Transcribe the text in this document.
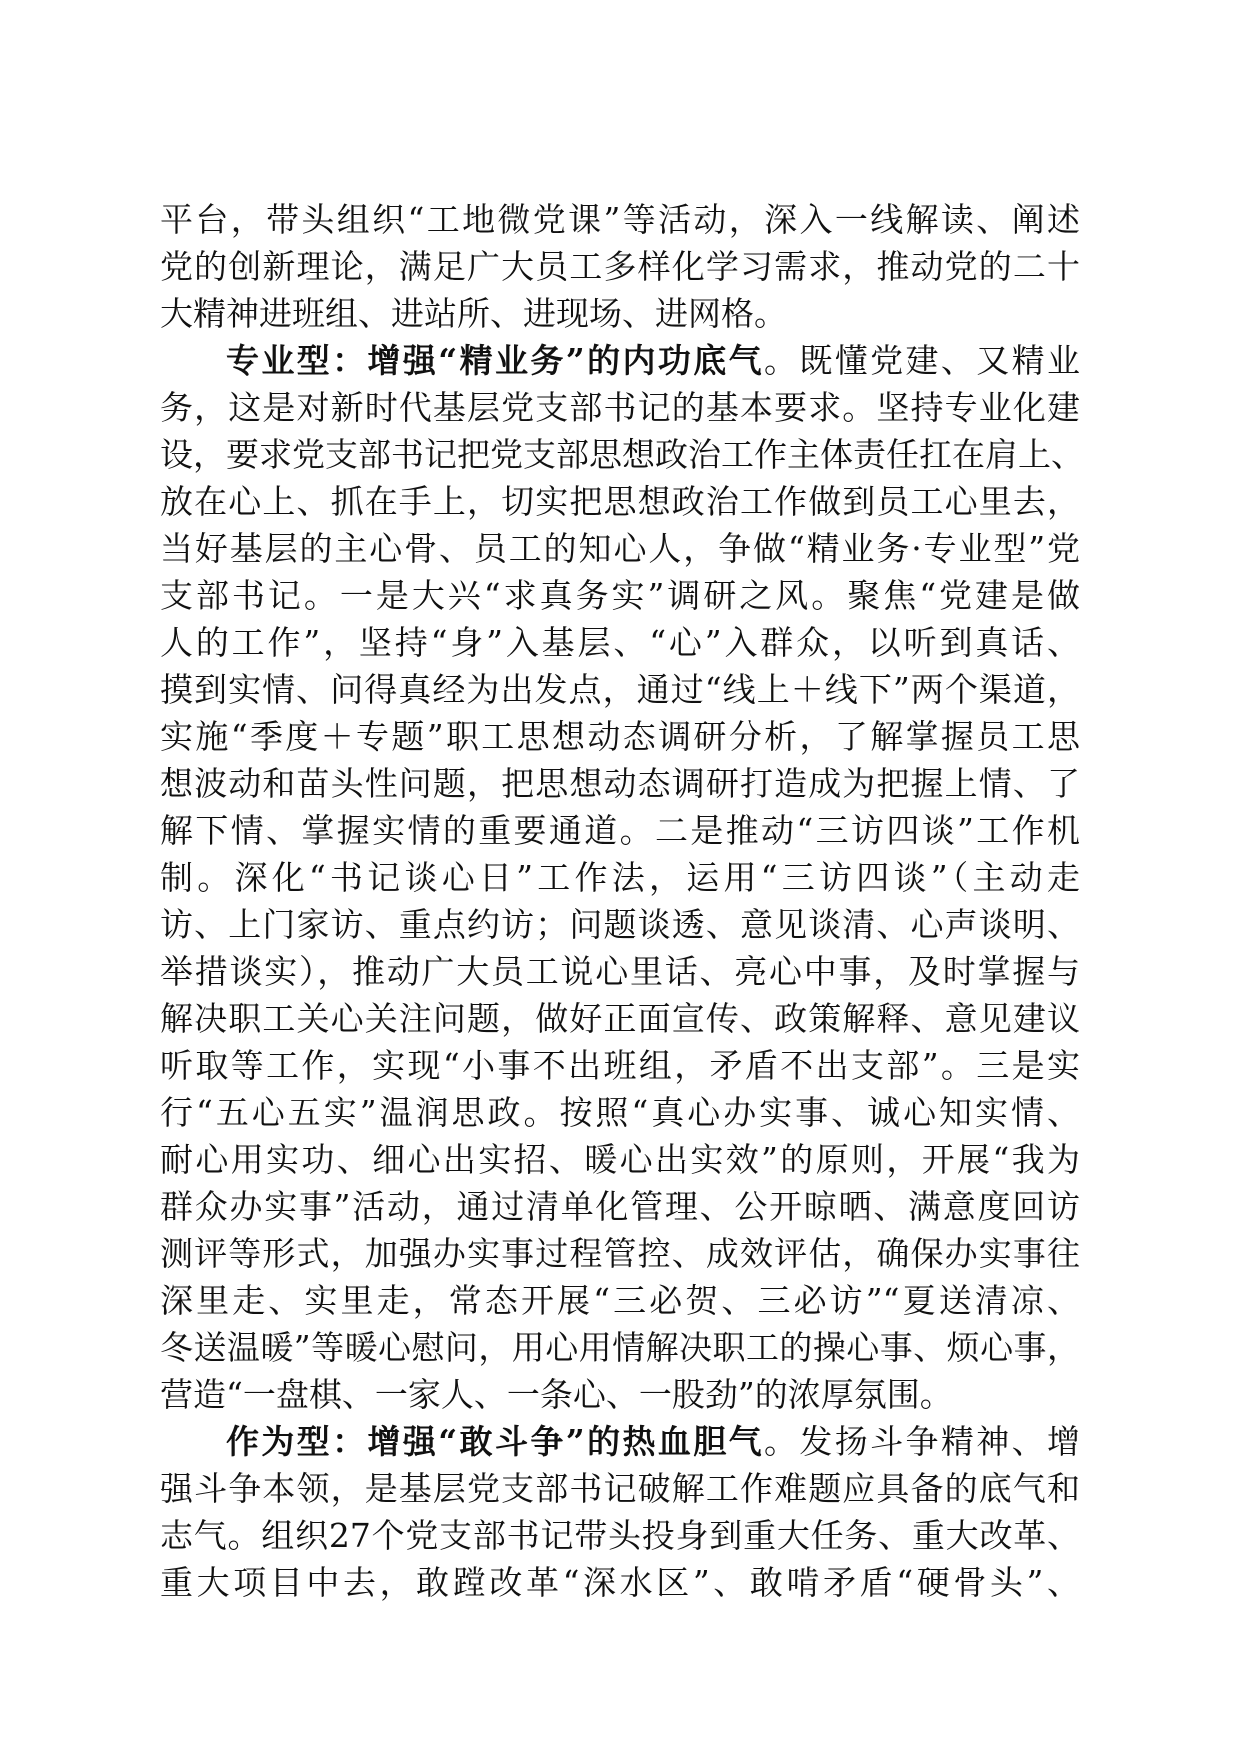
平台，带头组织“工地微党课”等活动，深入一线解读、阐述
党的创新理论，满足广大员工多样化学习需求，推动党的二十
大精神进班组、进站所、进现场、进网格。
专业型：增强“精业务”的内功底气。既懂党建、又精业
务，这是对新时代基层党支部书记的基本要求。坚持专业化建
设，要求党支部书记把党支部思想政治工作主体责任扛在肩上、
放在心上、抓在手上，切实把思想政治工作做到员工心里去，
当好基层的主心骨、员工的知心人，争做“精业务·专业型”党
支部书记。一是大兴“求真务实”调研之风。聚焦“党建是做
人的工作”，坚持“身”入基层、“心”入群众，以听到真话、
摸到实情、问得真经为出发点，通过“线上＋线下”两个渠道，
实施“季度＋专题”职工思想动态调研分析，了解掌握员工思
想波动和苗头性问题，把思想动态调研打造成为把握上情、了
解下情、掌握实情的重要通道。二是推动“三访四谈”工作机
制。深化“书记谈心日”工作法，运用“三访四谈”（主动走
访、上门家访、重点约访；问题谈透、意见谈清、心声谈明、
举措谈实），推动广大员工说心里话、亮心中事，及时掌握与
解决职工关心关注问题，做好正面宣传、政策解释、意见建议
听取等工作，实现“小事不出班组，矛盾不出支部”。三是实
行“五心五实”温润思政。按照“真心办实事、诚心知实情、
耐心用实功、细心出实招、暖心出实效”的原则，开展“我为
群众办实事”活动，通过清单化管理、公开晾晒、满意度回访
测评等形式，加强办实事过程管控、成效评估，确保办实事往
深里走、实里走，常态开展“三必贺、三必访”“夏送清凉、
冬送温暖”等暖心慰问，用心用情解决职工的操心事、烦心事，
营造“一盘棋、一家人、一条心、一股劲”的浓厚氛围。
作为型：增强“敢斗争”的热血胆气。发扬斗争精神、增
强斗争本领，是基层党支部书记破解工作难题应具备的底气和
志气。组织27个党支部书记带头投身到重大任务、重大改革、
重大项目中去，敢蹚改革“深水区”、敢啃矛盾“硬骨头”、
